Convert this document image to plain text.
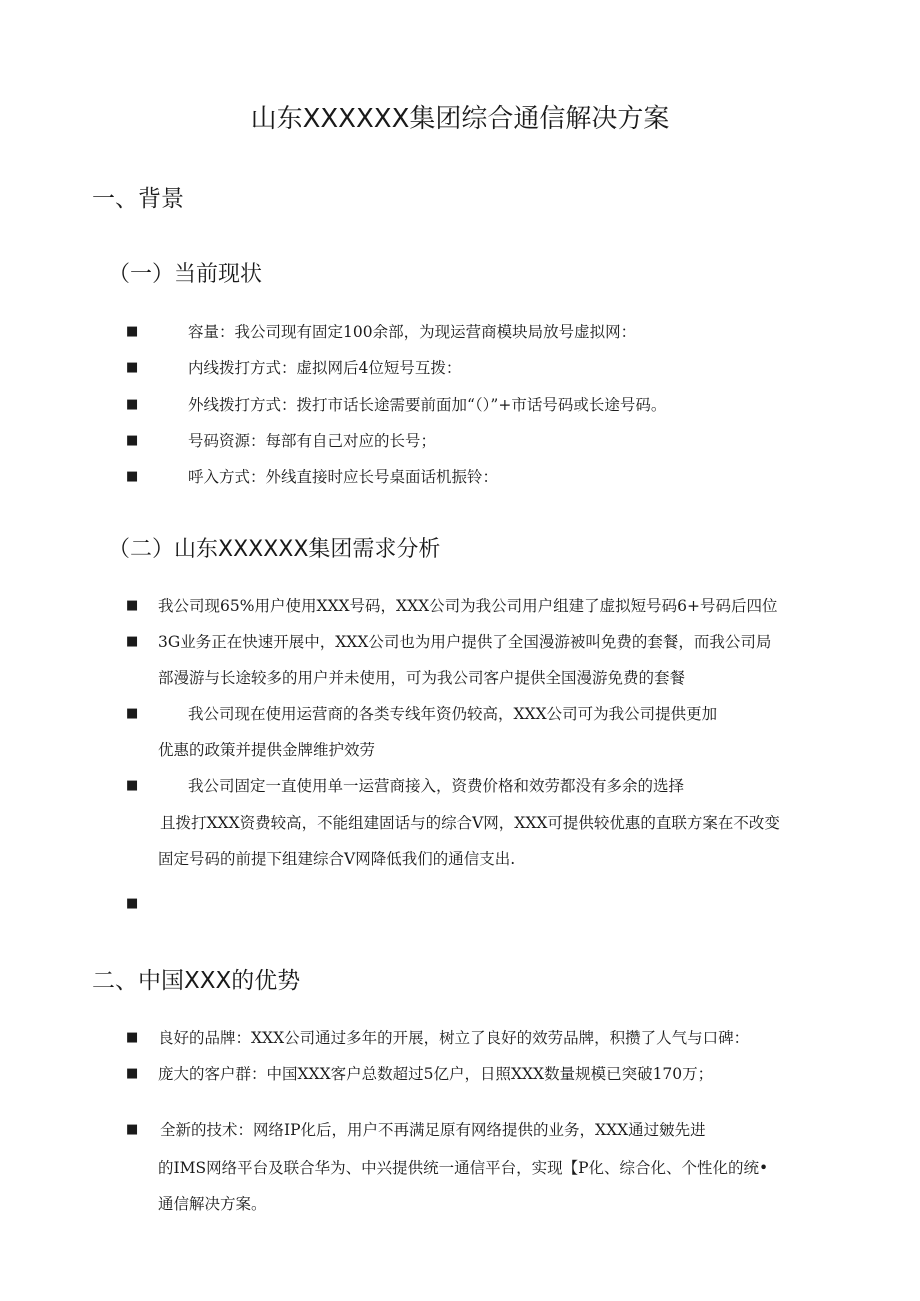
山东XXXXXX集团综合通信解决方案
一、背景
（一）当前现状
■	容量：我公司现有固定100余部，为现运营商模块局放号虚拟网：
■	内线拨打方式：虚拟网后4位短号互拨：
■	外线拨打方式：拨打市话长途需要前面加“（）”+市话号码或长途号码。
■	号码资源：每部有自己对应的长号；
■	呼入方式：外线直接时应长号桌面话机振铃：
（二）山东XXXXXX集团需求分析
■ 我公司现65%用户使用XXX号码，XXX公司为我公司用户组建了虚拟短号码6+号码后四位
■ 3G业务正在快速开展中，XXX公司也为用户提供了全国漫游被叫免费的套餐，而我公司局
部漫游与长途较多的用户并未使用，可为我公司客户提供全国漫游免费的套餐
■	我公司现在使用运营商的各类专线年资仍较高，XXX公司可为我公司提供更加
优惠的政策并提供金牌维护效劳
■	我公司固定一直使用单一运营商接入，资费价格和效劳都没有多余的选择
且拨打XXX资费较高，不能组建固话与的综合V网，XXX可提供较优惠的直联方案在不改变
固定号码的前提下组建综合V网降低我们的通信支出.
■
二、中国XXX的优势
■ 良好的品牌：XXX公司通过多年的开展，树立了良好的效劳品牌，积攒了人气与口碑：
■ 庞大的客户群：中国XXX客户总数超过5亿户，日照XXX数量规模已突破170万；
■ 全新的技术：网络IP化后，用户不再满足原有网络提供的业务，XXX通过皴先进
的IMS网络平台及联合华为、中兴提供统一通信平台，实现【P化、综合化、个性化的统•
通信解决方案。
